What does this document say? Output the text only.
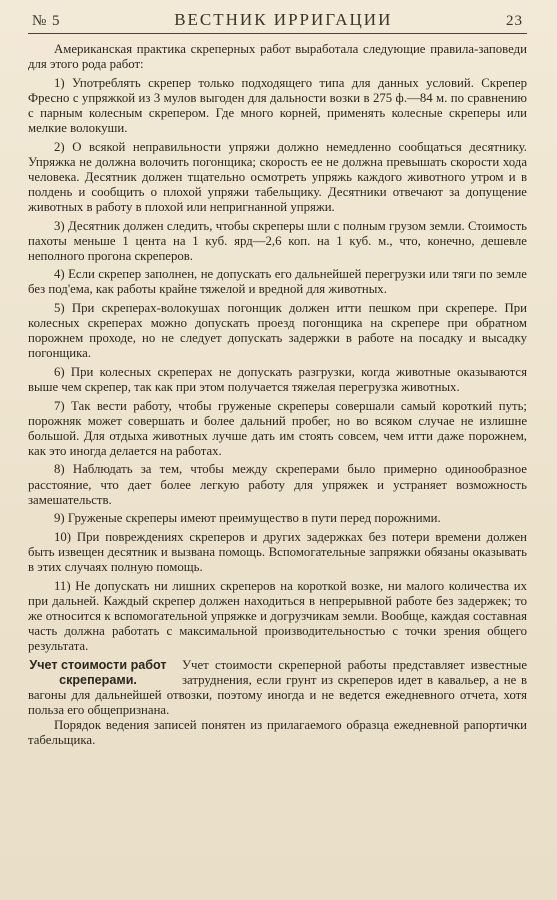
№ 5	ВЕСТНИК ИРРИГАЦИИ	23

Американская практика скреперных работ выработала следующие правила-заповеди для этого рода работ:

1) Употреблять скрепер только подходящего типа для данных условий. Скрепер Фресно с упряжкой из 3 мулов выгоден для дальности возки в 275 ф.—84 м. по сравнению с парным колесным скрепером. Где много корней, применять колесные скреперы или мелкие волокуши.

2) О всякой неправильности упряжи должно немедленно сообщаться десятнику. Упряжка не должна волочить погонщика; скорость ее не должна превышать скорости хода человека. Десятник должен тщательно осмотреть упряжь каждого животного утром и в полдень и сообщить о плохой упряжи табельщику. Десятники отвечают за допущение животных в работу в плохой или непригнанной упряжи.

3) Десятник должен следить, чтобы скреперы шли с полным грузом земли. Стоимость пахоты меньше 1 цента на 1 куб. ярд—2,6 коп. на 1 куб. м., что, конечно, дешевле неполного прогона скреперов.

4) Если скрепер заполнен, не допускать его дальнейшей перегрузки или тяги по земле без под'ема, как работы крайне тяжелой и вредной для животных.

5) При скреперах-волокушах погонщик должен итти пешком при скрепере. При колесных скреперах можно допускать проезд погонщика на скрепере при обратном порожнем проходе, но не следует допускать задержки в работе на посадку и высадку погонщика.

6) При колесных скреперах не допускать разгрузки, когда животные оказываются выше чем скрепер, так как при этом получается тяжелая перегрузка животных.

7) Так вести работу, чтобы груженые скреперы совершали самый короткий путь; порожняк может совершать и более дальний пробег, но во всяком случае не излишне большой. Для отдыха животных лучше дать им стоять совсем, чем итти даже порожнем, как это иногда делается на работах.

8) Наблюдать за тем, чтобы между скреперами было примерно одинообразное расстояние, что дает более легкую работу для упряжек и устраняет возможность замешательств.

9) Груженые скреперы имеют преимущество в пути перед порожними.

10) При повреждениях скреперов и других задержках без потери времени должен быть извещен десятник и вызвана помощь. Вспомогательные запряжки обязаны оказывать в этих случаях полную помощь.

11) Не допускать ни лишних скреперов на короткой возке, ни малого количества их при дальней. Каждый скрепер должен находиться в непрерывной работе без задержек; то же относится к вспомогательной упряжке и догрузчикам земли. Вообще, каждая составная часть должна работать с максимальной производительностью с точки зрения общего результата.

Учет стоимости работ скреперами.

Учет стоимости скреперной работы представляет известные затруднения, если грунт из скреперов идет в кавальер, а не в вагоны для дальнейшей отвозки, поэтому иногда и не ведется ежедневного отчета, хотя польза его общепризнана.

Порядок ведения записей понятен из прилагаемого образца ежедневной рапортички табельщика.
